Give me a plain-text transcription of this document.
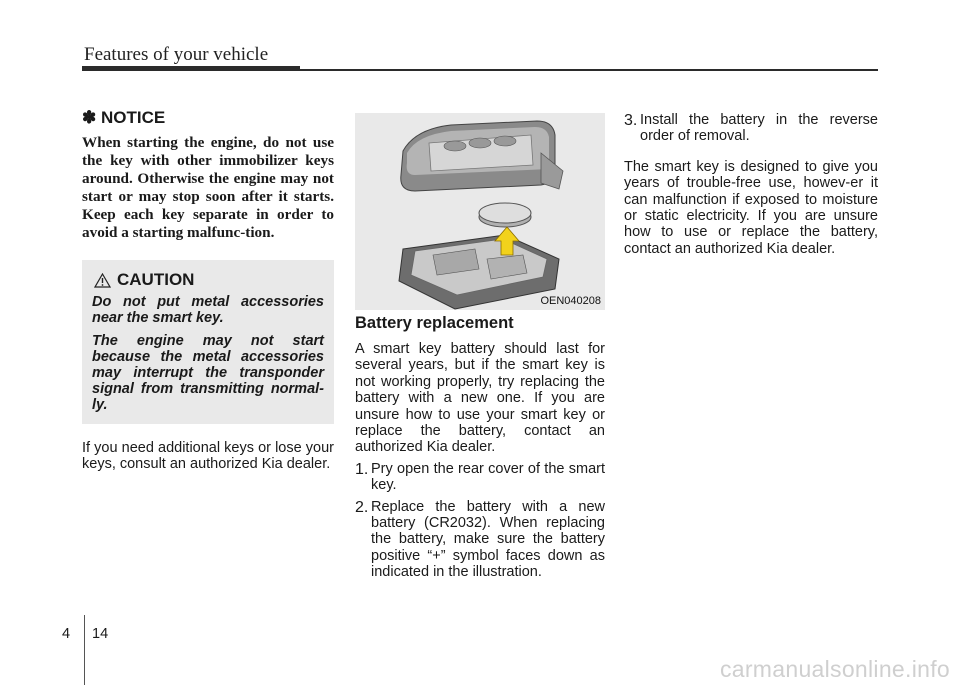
Features of your vehicle
✽ NOTICE

When starting the engine, do not use the key with other immobilizer keys around. Otherwise the engine may not start or may stop soon after it starts. Keep each key separate in order to avoid a starting malfunc-tion.

CAUTION

Do not put metal accessories near the smart key.

The engine may not start because the metal accessories may interrupt the transponder signal from transmitting normal-ly.

If you need additional keys or lose your keys, consult an authorized Kia dealer.

OEN040208
Battery replacement

A smart key battery should last for several years, but if the smart key is not working properly, try replacing the battery with a new one. If you are unsure how to use your smart key or replace the battery, contact an authorized Kia dealer.

1. Pry open the rear cover of the smart key.
2. Replace the battery with a new battery (CR2032). When replacing the battery, make sure the battery positive “+” symbol faces down as indicated in the illustration.
3. Install the battery in the reverse order of removal.

The smart key is designed to give you years of trouble-free use, howev-er it can malfunction if exposed to moisture or static electricity. If you are unsure how to use or replace the battery, contact an authorized Kia dealer.

4 14
carmanualsonline.info
